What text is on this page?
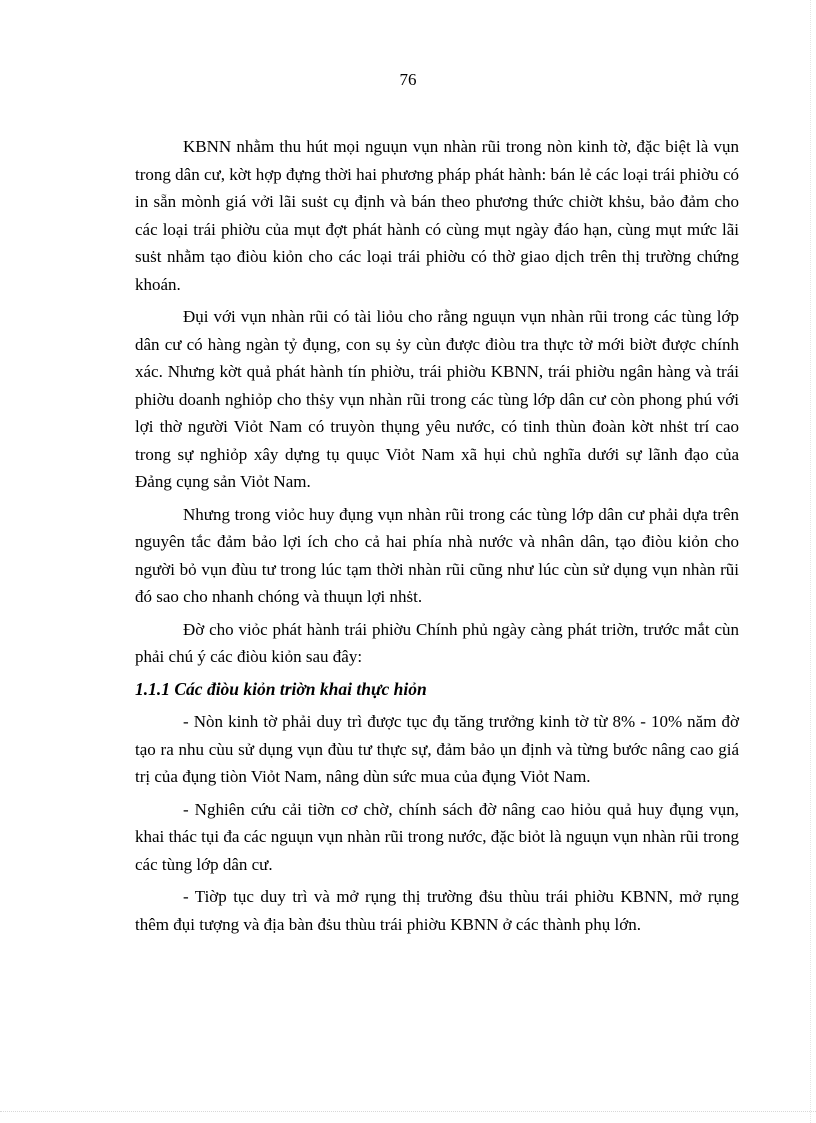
76

KBNN nhằm thu hút mọi nguụn vụn nhàn rũi trong nòn kinh tờ, đặc biệt là vụn trong dân cư, kờt hợp đựng thời hai phương pháp phát hành: bán lẻ các loại trái phiờu có in sẵn mònh giá vởi lãi suṡt cụ định và bán theo phương thức chiờt khṡu, bảo đảm cho các loại trái phiờu của mụt đợt phát hành có cùng mụt ngày đáo hạn, cùng mụt mức lãi suṡt nhằm tạo điòu kiỏn cho các loại trái phiờu có thờ giao dịch trên thị trường chứng khoán.

Đụi với vụn nhàn rũi có tài liỏu cho rằng nguụn vụn nhàn rũi trong các tùng lớp dân cư có hàng ngàn tỷ đụng, con sụ ṡy cùn được điòu tra thực tờ mới biờt được chính xác. Nhưng kờt quả phát hành tín phiờu, trái phiờu KBNN, trái phiờu ngân hàng và trái phiờu doanh nghiỏp cho thṡy vụn nhàn rũi trong các tùng lớp dân cư còn phong phú với lợi thờ người Viỏt Nam có truyòn thụng yêu nước, có tinh thùn đoàn kờt nhṡt trí cao trong sự nghiỏp xây dựng tụ quục Viỏt Nam xã hụi chủ nghĩa dưới sự lãnh đạo của Đảng cụng sản Viỏt Nam.

Nhưng trong viỏc huy đụng vụn nhàn rũi trong các tùng lớp dân cư phải dựa trên nguyên tắc đảm bảo lợi ích cho cả hai phía nhà nước và nhân dân, tạo điòu kiỏn cho người bỏ vụn đùu tư trong lúc tạm thời nhàn rũi cũng như lúc cùn sử dụng vụn nhàn rũi đó sao cho nhanh chóng và thuụn lợi nhṡt.

Đờ cho viỏc phát hành trái phiờu Chính phủ ngày càng phát triờn, trước mắt cùn phải chú ý các điòu kiỏn sau đây:

1.1.1 Các điòu kiỏn triờn khai thực hiỏn

- Nòn kinh tờ phải duy trì được tục đụ tăng trưởng kinh tờ từ 8% - 10% năm đờ tạo ra nhu cùu sử dụng vụn đùu tư thực sự, đảm bảo ụn định và từng bước nâng cao giá trị của đụng tiòn Viỏt Nam, nâng dùn sức mua của đụng Viỏt Nam.

- Nghiên cứu cải tiờn cơ chờ, chính sách đờ nâng cao hiỏu quả huy đụng vụn, khai thác tụi đa các nguụn vụn nhàn rũi trong nước, đặc biỏt là nguụn vụn nhàn rũi trong các tùng lớp dân cư.

- Tiờp tục duy trì và mở rụng thị trường đṡu thùu trái phiờu KBNN, mở rụng thêm đụi tượng và địa bàn đṡu thùu trái phiờu KBNN ở các thành phụ lớn.
